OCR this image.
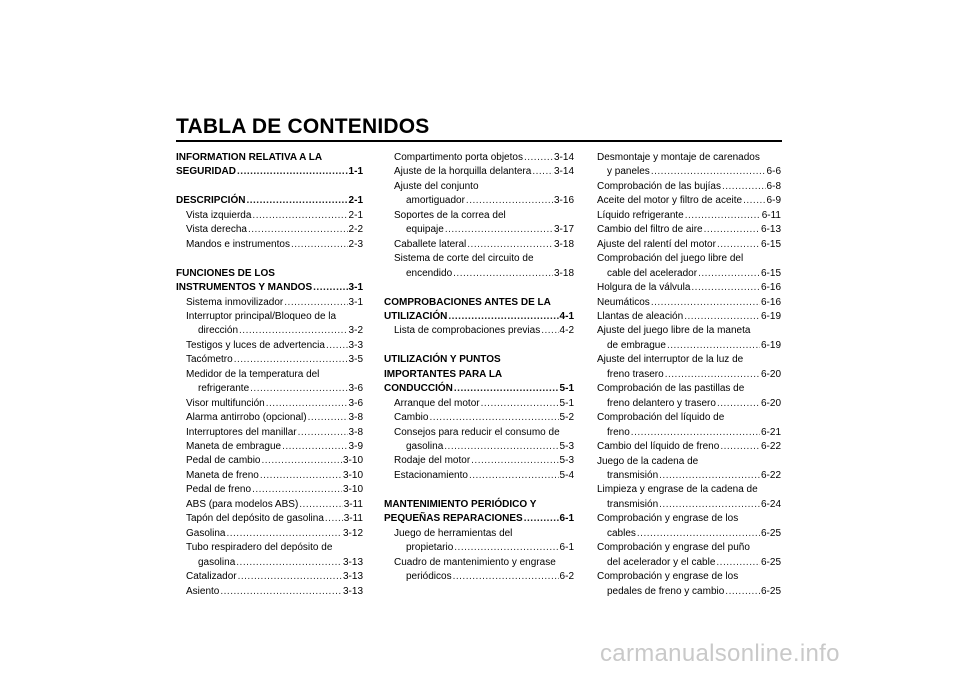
TABLA DE CONTENIDOS
INFORMATION RELATIVA A LA
SEGURIDAD .....	1-1
DESCRIPCIÓN .....	2-1
Vista izquierda .....	2-1
Vista derecha .....	2-2
Mandos e instrumentos .....	2-3
FUNCIONES DE LOS
INSTRUMENTOS Y MANDOS .....	3-1
Sistema inmovilizador .....	3-1
Interruptor principal/Bloqueo de la
dirección .....	3-2
Testigos y luces de advertencia ..... 3-3
Tacómetro .....	3-5
Medidor de la temperatura del
refrigerante .....	3-6
Visor multifunción .....	3-6
Alarma antirrobo (opcional) .....	3-8
Interruptores del manillar .....	3-8
Maneta de embrague .....	3-9
Pedal de cambio .....	3-10
Maneta de freno .....	3-10
Pedal de freno .....	3-10
ABS (para modelos ABS) .....	3-11
Tapón del depósito de gasolina ..... 3-11
Gasolina .....	3-12
Tubo respiradero del depósito de
gasolina .....	3-13
Catalizador .....	3-13
Asiento .....	3-13
Compartimento porta objetos .....	3-14
Ajuste de la horquilla delantera ..... 3-14
Ajuste del conjunto
amortiguador .....	3-16
Soportes de la correa del
equipaje .....	3-17
Caballete lateral .....	3-18
Sistema de corte del circuito de
encendido .....	3-18
COMPROBACIONES ANTES DE LA
UTILIZACIÓN .....	4-1
Lista de comprobaciones previas ..... 4-2
UTILIZACIÓN Y PUNTOS
IMPORTANTES PARA LA
CONDUCCIÓN .....	5-1
Arranque del motor .....	5-1
Cambio .....	5-2
Consejos para reducir el consumo de
gasolina .....	5-3
Rodaje del motor .....	5-3
Estacionamiento .....	5-4
MANTENIMIENTO PERIÓDICO Y
PEQUEÑAS REPARACIONES .....	6-1
Juego de herramientas del
propietario .....	6-1
Cuadro de mantenimiento y engrase
periódicos .....	6-2
Desmontaje y montaje de carenados
y paneles .....	6-6
Comprobación de las bujías .....	6-8
Aceite del motor y filtro de aceite ..... 6-9
Líquido refrigerante .....	6-11
Cambio del filtro de aire .....	6-13
Ajuste del ralentí del motor .....	6-15
Comprobación del juego libre del
cable del acelerador .....	6-15
Holgura de la válvula .....	6-16
Neumáticos .....	6-16
Llantas de aleación .....	6-19
Ajuste del juego libre de la maneta
de embrague .....	6-19
Ajuste del interruptor de la luz de
freno trasero .....	6-20
Comprobación de las pastillas de
freno delantero y trasero .....	6-20
Comprobación del líquido de
freno .....	6-21
Cambio del líquido de freno .....	6-22
Juego de la cadena de
transmisión .....	6-22
Limpieza y engrase de la cadena de
transmisión .....	6-24
Comprobación y engrase de los
cables .....	6-25
Comprobación y engrase del puño
del acelerador y el cable .....	6-25
Comprobación y engrase de los
pedales de freno y cambio .....	6-25
carmanualsonline.info
